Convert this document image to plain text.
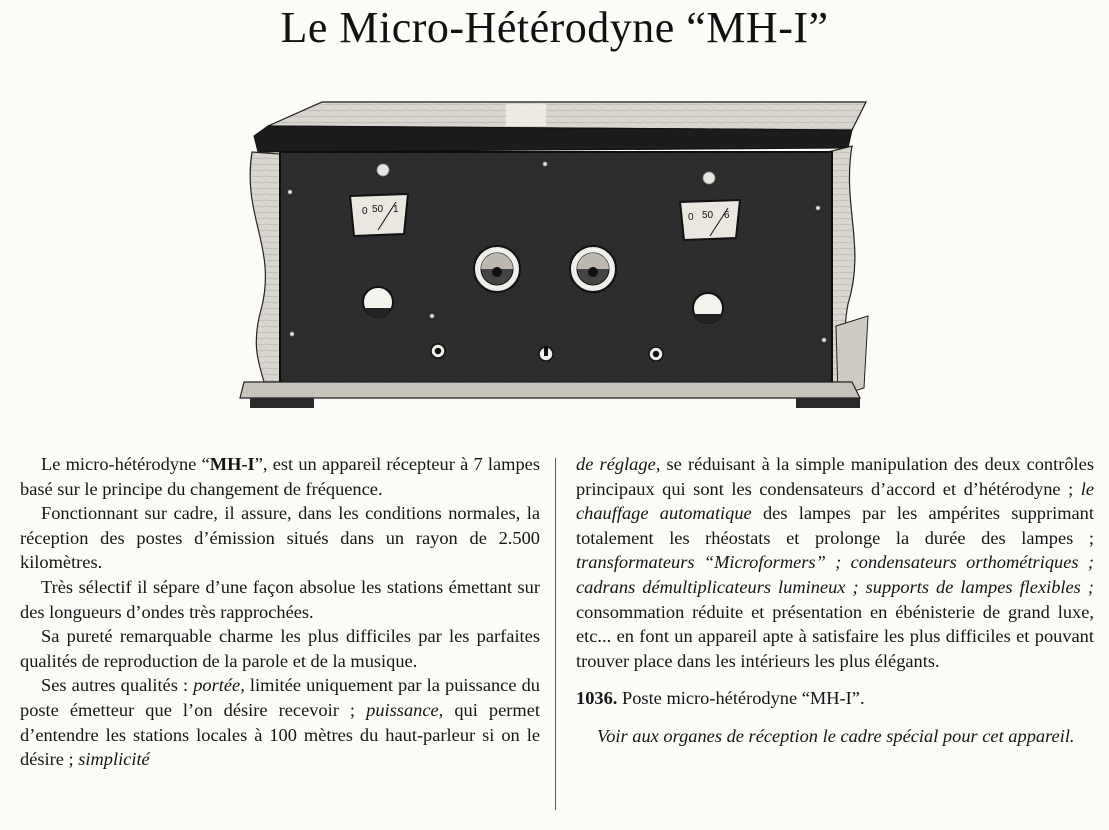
Le Micro-Hétérodyne “MH-I”
0 50 1
0 50 6

Le micro-hétérodyne “MH-I”, est un appareil récepteur à 7 lampes basé sur le principe du changement de fréquence.

Fonctionnant sur cadre, il assure, dans les conditions normales, la réception des postes d’émission situés dans un rayon de 2.500 kilomètres.

Très sélectif il sépare d’une façon absolue les stations émettant sur des longueurs d’ondes très rapprochées.

Sa pureté remarquable charme les plus difficiles par les parfaites qualités de reproduction de la parole et de la musique.

Ses autres qualités : portée, limitée uniquement par la puissance du poste émetteur que l’on désire recevoir ; puissance, qui permet d’entendre les stations locales à 100 mètres du haut-parleur si on le désire ; simplicité

de réglage, se réduisant à la simple manipulation des deux contrôles principaux qui sont les condensateurs d’accord et d’hétérodyne ; le chauffage automatique des lampes par les ampérites supprimant totalement les rhéostats et prolonge la durée des lampes ; transformateurs “Microformers” ; condensateurs orthométriques ; cadrans démultiplicateurs lumineux ; supports de lampes flexibles ; consommation réduite et présentation en ébénisterie de grand luxe, etc... en font un appareil apte à satisfaire les plus difficiles et pouvant trouver place dans les intérieurs les plus élégants.

1036. Poste micro-hétérodyne “MH-I”.

Voir aux organes de réception le cadre spécial pour cet appareil.
